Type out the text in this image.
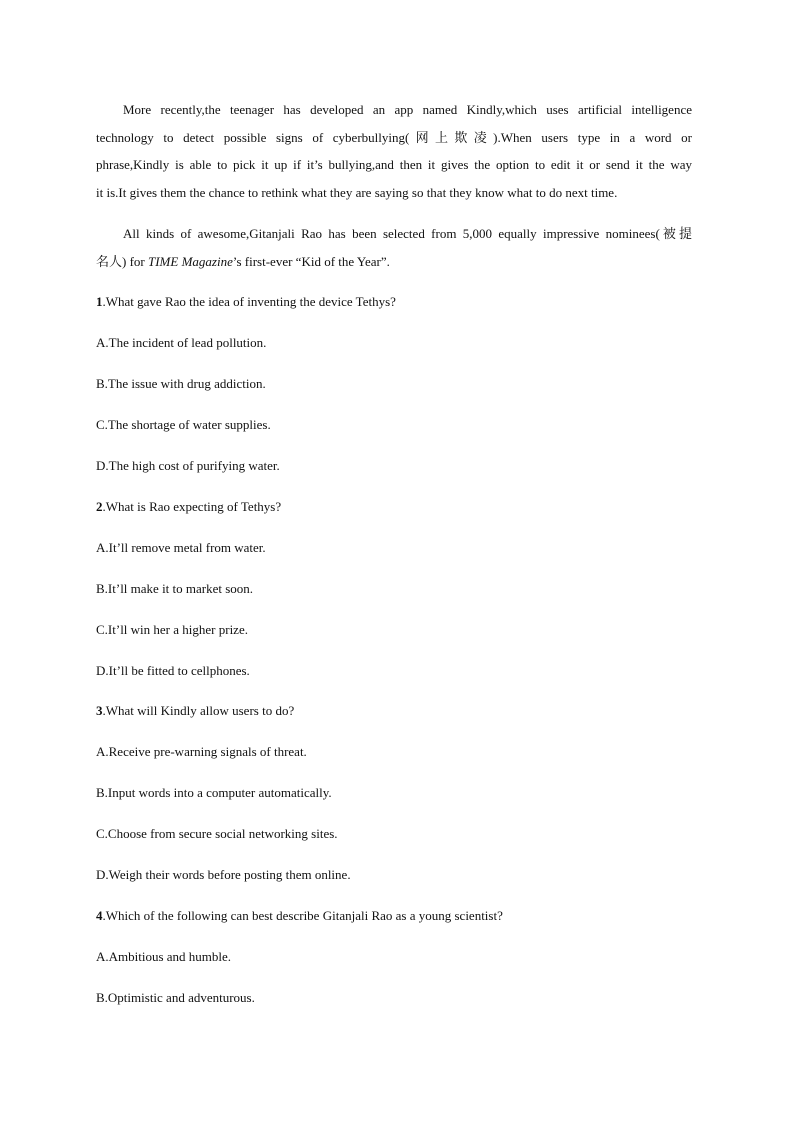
More recently,the teenager has developed an app named Kindly,which uses artificial intelligence
technology to detect possible signs of cyberbullying(网上欺凌).When users type in a word or
phrase,Kindly is able to pick it up if it’s bullying,and then it gives the option to edit it or send it the way
it is.It gives them the chance to rethink what they are saying so that they know what to do next time.
All kinds of awesome,Gitanjali Rao has been selected from 5,000 equally impressive nominees(被提
名人) for TIME Magazine’s first-ever “Kid of the Year”.
1.What gave Rao the idea of inventing the device Tethys?
A.The incident of lead pollution.
B.The issue with drug addiction.
C.The shortage of water supplies.
D.The high cost of purifying water.
2.What is Rao expecting of Tethys?
A.It’ll remove metal from water.
B.It’ll make it to market soon.
C.It’ll win her a higher prize.
D.It’ll be fitted to cellphones.
3.What will Kindly allow users to do?
A.Receive pre-warning signals of threat.
B.Input words into a computer automatically.
C.Choose from secure social networking sites.
D.Weigh their words before posting them online.
4.Which of the following can best describe Gitanjali Rao as a young scientist?
A.Ambitious and humble.
B.Optimistic and adventurous.
